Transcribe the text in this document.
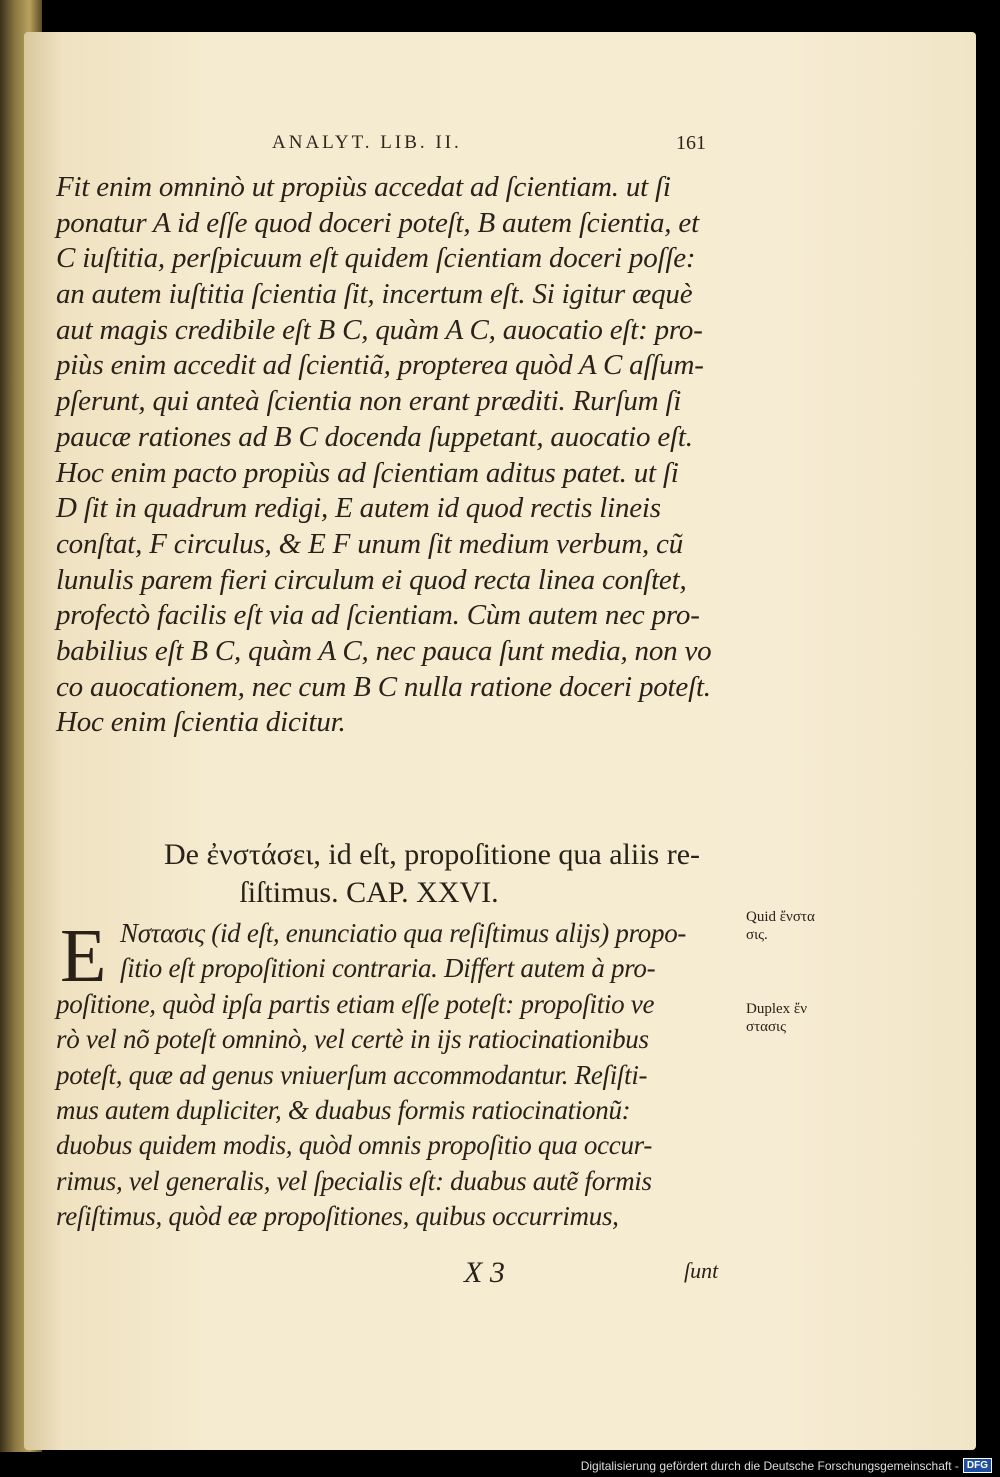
ANALYT. LIB. II.	161
Fit enim omninò ut propiùs accedat ad ſcientiam. ut ſi
ponatur A id eſſe quod doceri poteſt, B autem ſcientia, et
C iuſtitia, perſpicuum eſt quidem ſcientiam doceri poſſe:
an autem iuſtitia ſcientia ſit, incertum eſt. Si igitur æquè
aut magis credibile eſt B C, quàm A C, auocatio eſt: pro-
piùs enim accedit ad ſcientiã, propterea quòd A C aſſum-
pſerunt, qui anteà ſcientia non erant præditi. Rurſum ſi
paucæ rationes ad B C docenda ſuppetant, auocatio eſt.
Hoc enim pacto propiùs ad ſcientiam aditus patet. ut ſi
D ſit in quadrum redigi, E autem id quod rectis lineis
conſtat, F circulus, & E F unum ſit medium verbum, cũ
lunulis parem fieri circulum ei quod recta linea conſtet,
profectò facilis eſt via ad ſcientiam. Cùm autem nec pro-
babilius eſt B C, quàm A C, nec pauca ſunt media, non vo
co auocationem, nec cum B C nulla ratione doceri poteſt.
Hoc enim ſcientia dicitur.
De ἐνστάσει, id eſt, propoſitione qua aliis re-
ſiſtimus. CAP. XXVI.
E Nστασις (id eſt, enunciatio qua reſiſtimus alijs) propo-
ſitio eſt propoſitioni contraria. Differt autem à pro-
poſitione, quòd ipſa partis etiam eſſe poteſt: propoſitio ve
rò vel nõ poteſt omninò, vel certè in ijs ratiocinationibus
poteſt, quæ ad genus vniuerſum accommodantur. Reſiſti-
mus autem dupliciter, & duabus formis ratiocinationũ:
duobus quidem modis, quòd omnis propoſitio qua occur-
rimus, vel generalis, vel ſpecialis eſt: duabus autẽ formis
reſiſtimus, quòd eæ propoſitiones, quibus occurrimus,
Quid ἔνστα
σις.
Duplex ἔν
στασις
X 3	ſunt
Digitalisierung gefördert durch die Deutsche Forschungsgemeinschaft - DFG
